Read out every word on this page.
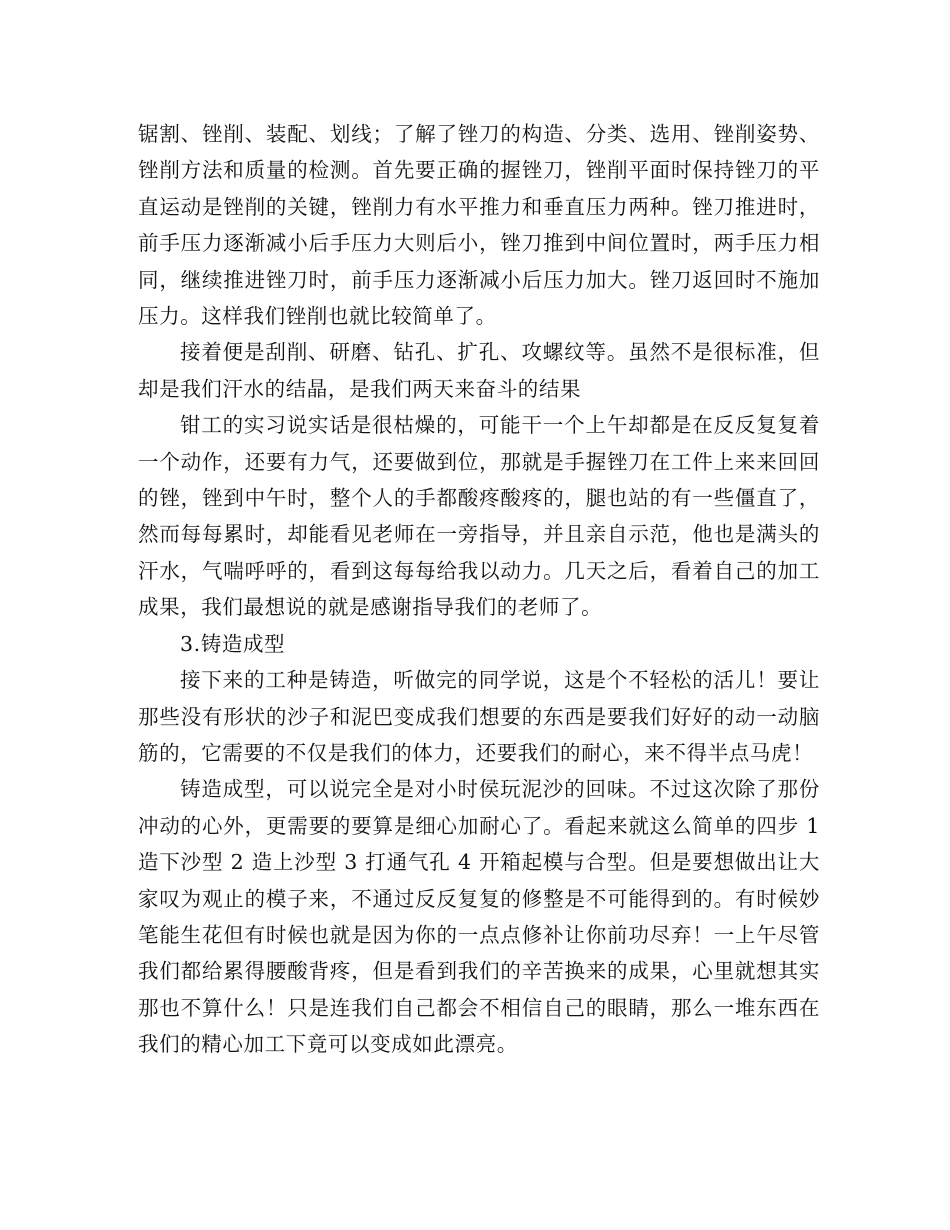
锯割、锉削、装配、划线；了解了锉刀的构造、分类、选用、锉削姿势、锉削方法和质量的检测。首先要正确的握锉刀，锉削平面时保持锉刀的平直运动是锉削的关键，锉削力有水平推力和垂直压力两种。锉刀推进时，前手压力逐渐减小后手压力大则后小，锉刀推到中间位置时，两手压力相同，继续推进锉刀时，前手压力逐渐减小后压力加大。锉刀返回时不施加压力。这样我们锉削也就比较简单了。

接着便是刮削、研磨、钻孔、扩孔、攻螺纹等。虽然不是很标准，但却是我们汗水的结晶，是我们两天来奋斗的结果

钳工的实习说实话是很枯燥的，可能干一个上午却都是在反反复复着一个动作，还要有力气，还要做到位，那就是手握锉刀在工件上来来回回的锉，锉到中午时，整个人的手都酸疼酸疼的，腿也站的有一些僵直了，然而每每累时，却能看见老师在一旁指导，并且亲自示范，他也是满头的汗水，气喘呼呼的，看到这每每给我以动力。几天之后，看着自己的加工成果，我们最想说的就是感谢指导我们的老师了。

3.铸造成型

接下来的工种是铸造，听做完的同学说，这是个不轻松的活儿！要让那些没有形状的沙子和泥巴变成我们想要的东西是要我们好好的动一动脑筋的，它需要的不仅是我们的体力，还要我们的耐心，来不得半点马虎！

铸造成型，可以说完全是对小时侯玩泥沙的回味。不过这次除了那份冲动的心外，更需要的要算是细心加耐心了。看起来就这么简单的四步 1 造下沙型 2 造上沙型 3 打通气孔 4 开箱起模与合型。但是要想做出让大家叹为观止的模子来，不通过反反复复的修整是不可能得到的。有时候妙笔能生花但有时候也就是因为你的一点点修补让你前功尽弃！一上午尽管我们都给累得腰酸背疼，但是看到我们的辛苦换来的成果，心里就想其实那也不算什么！只是连我们自己都会不相信自己的眼睛，那么一堆东西在我们的精心加工下竟可以变成如此漂亮。
